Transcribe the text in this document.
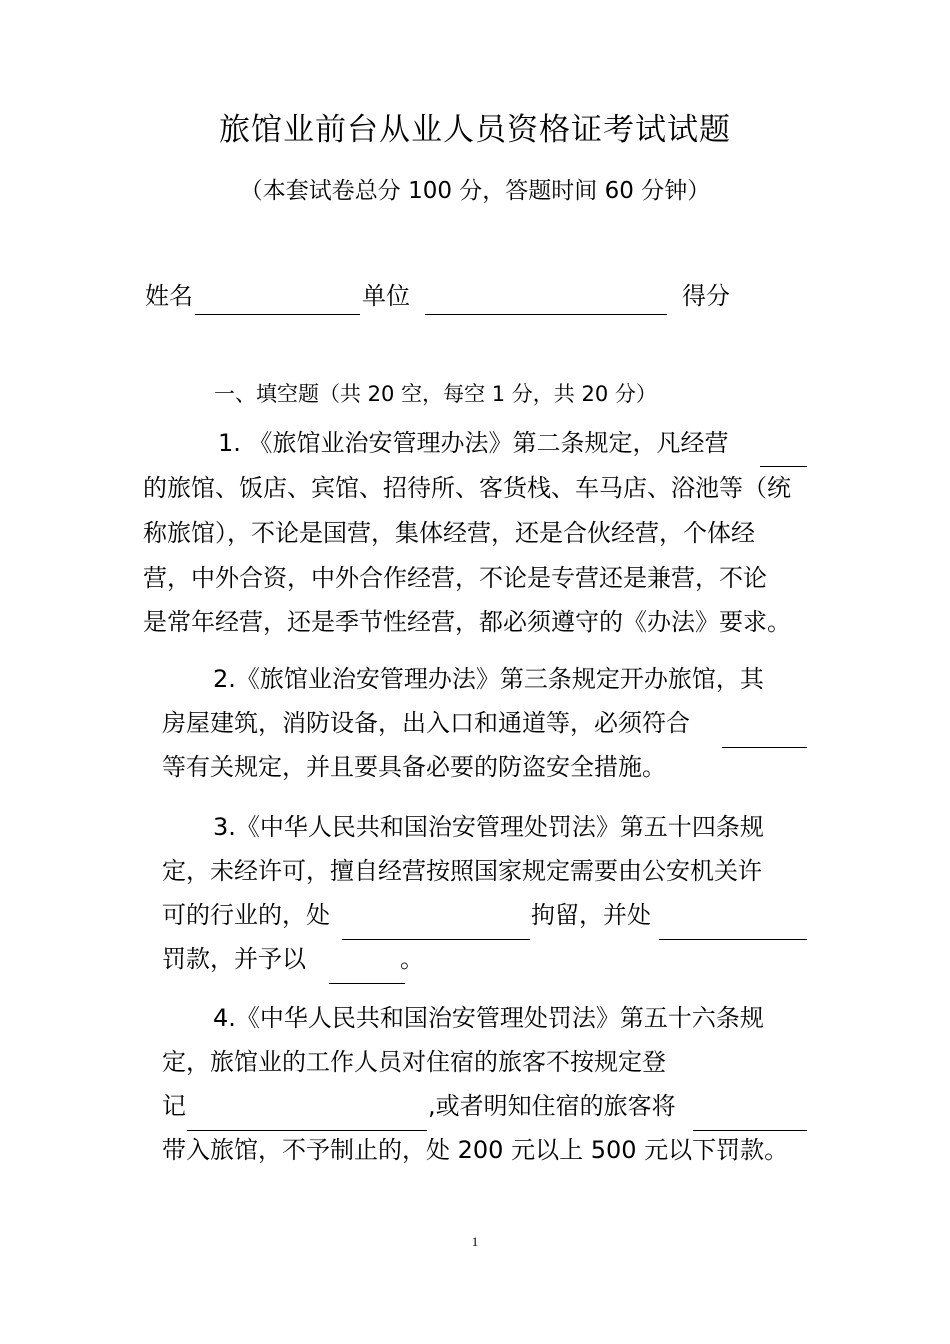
旅馆业前台从业人员资格证考试试题
（本套试卷总分 100 分，答题时间 60 分钟）
姓名	单位	得分
一、填空题（共 20 空，每空 1 分，共 20 分）
1. 《旅馆业治安管理办法》第二条规定，凡经营
的旅馆、饭店、宾馆、招待所、客货栈、车马店、浴池等（统
称旅馆），不论是国营，集体经营，还是合伙经营，个体经
营，中外合资，中外合作经营，不论是专营还是兼营，不论
是常年经营，还是季节性经营，都必须遵守的《办法》要求。
2.《旅馆业治安管理办法》第三条规定开办旅馆，其
房屋建筑，消防设备，出入口和通道等，必须符合
等有关规定，并且要具备必要的防盗安全措施。
3.《中华人民共和国治安管理处罚法》第五十四条规
定，未经许可，擅自经营按照国家规定需要由公安机关许
可的行业的，处	拘留，并处
罚款，并予以	。
4.《中华人民共和国治安管理处罚法》第五十六条规
定，旅馆业的工作人员对住宿的旅客不按规定登
记	,或者明知住宿的旅客将
带入旅馆，不予制止的，处 200 元以上 500 元以下罚款。
1
